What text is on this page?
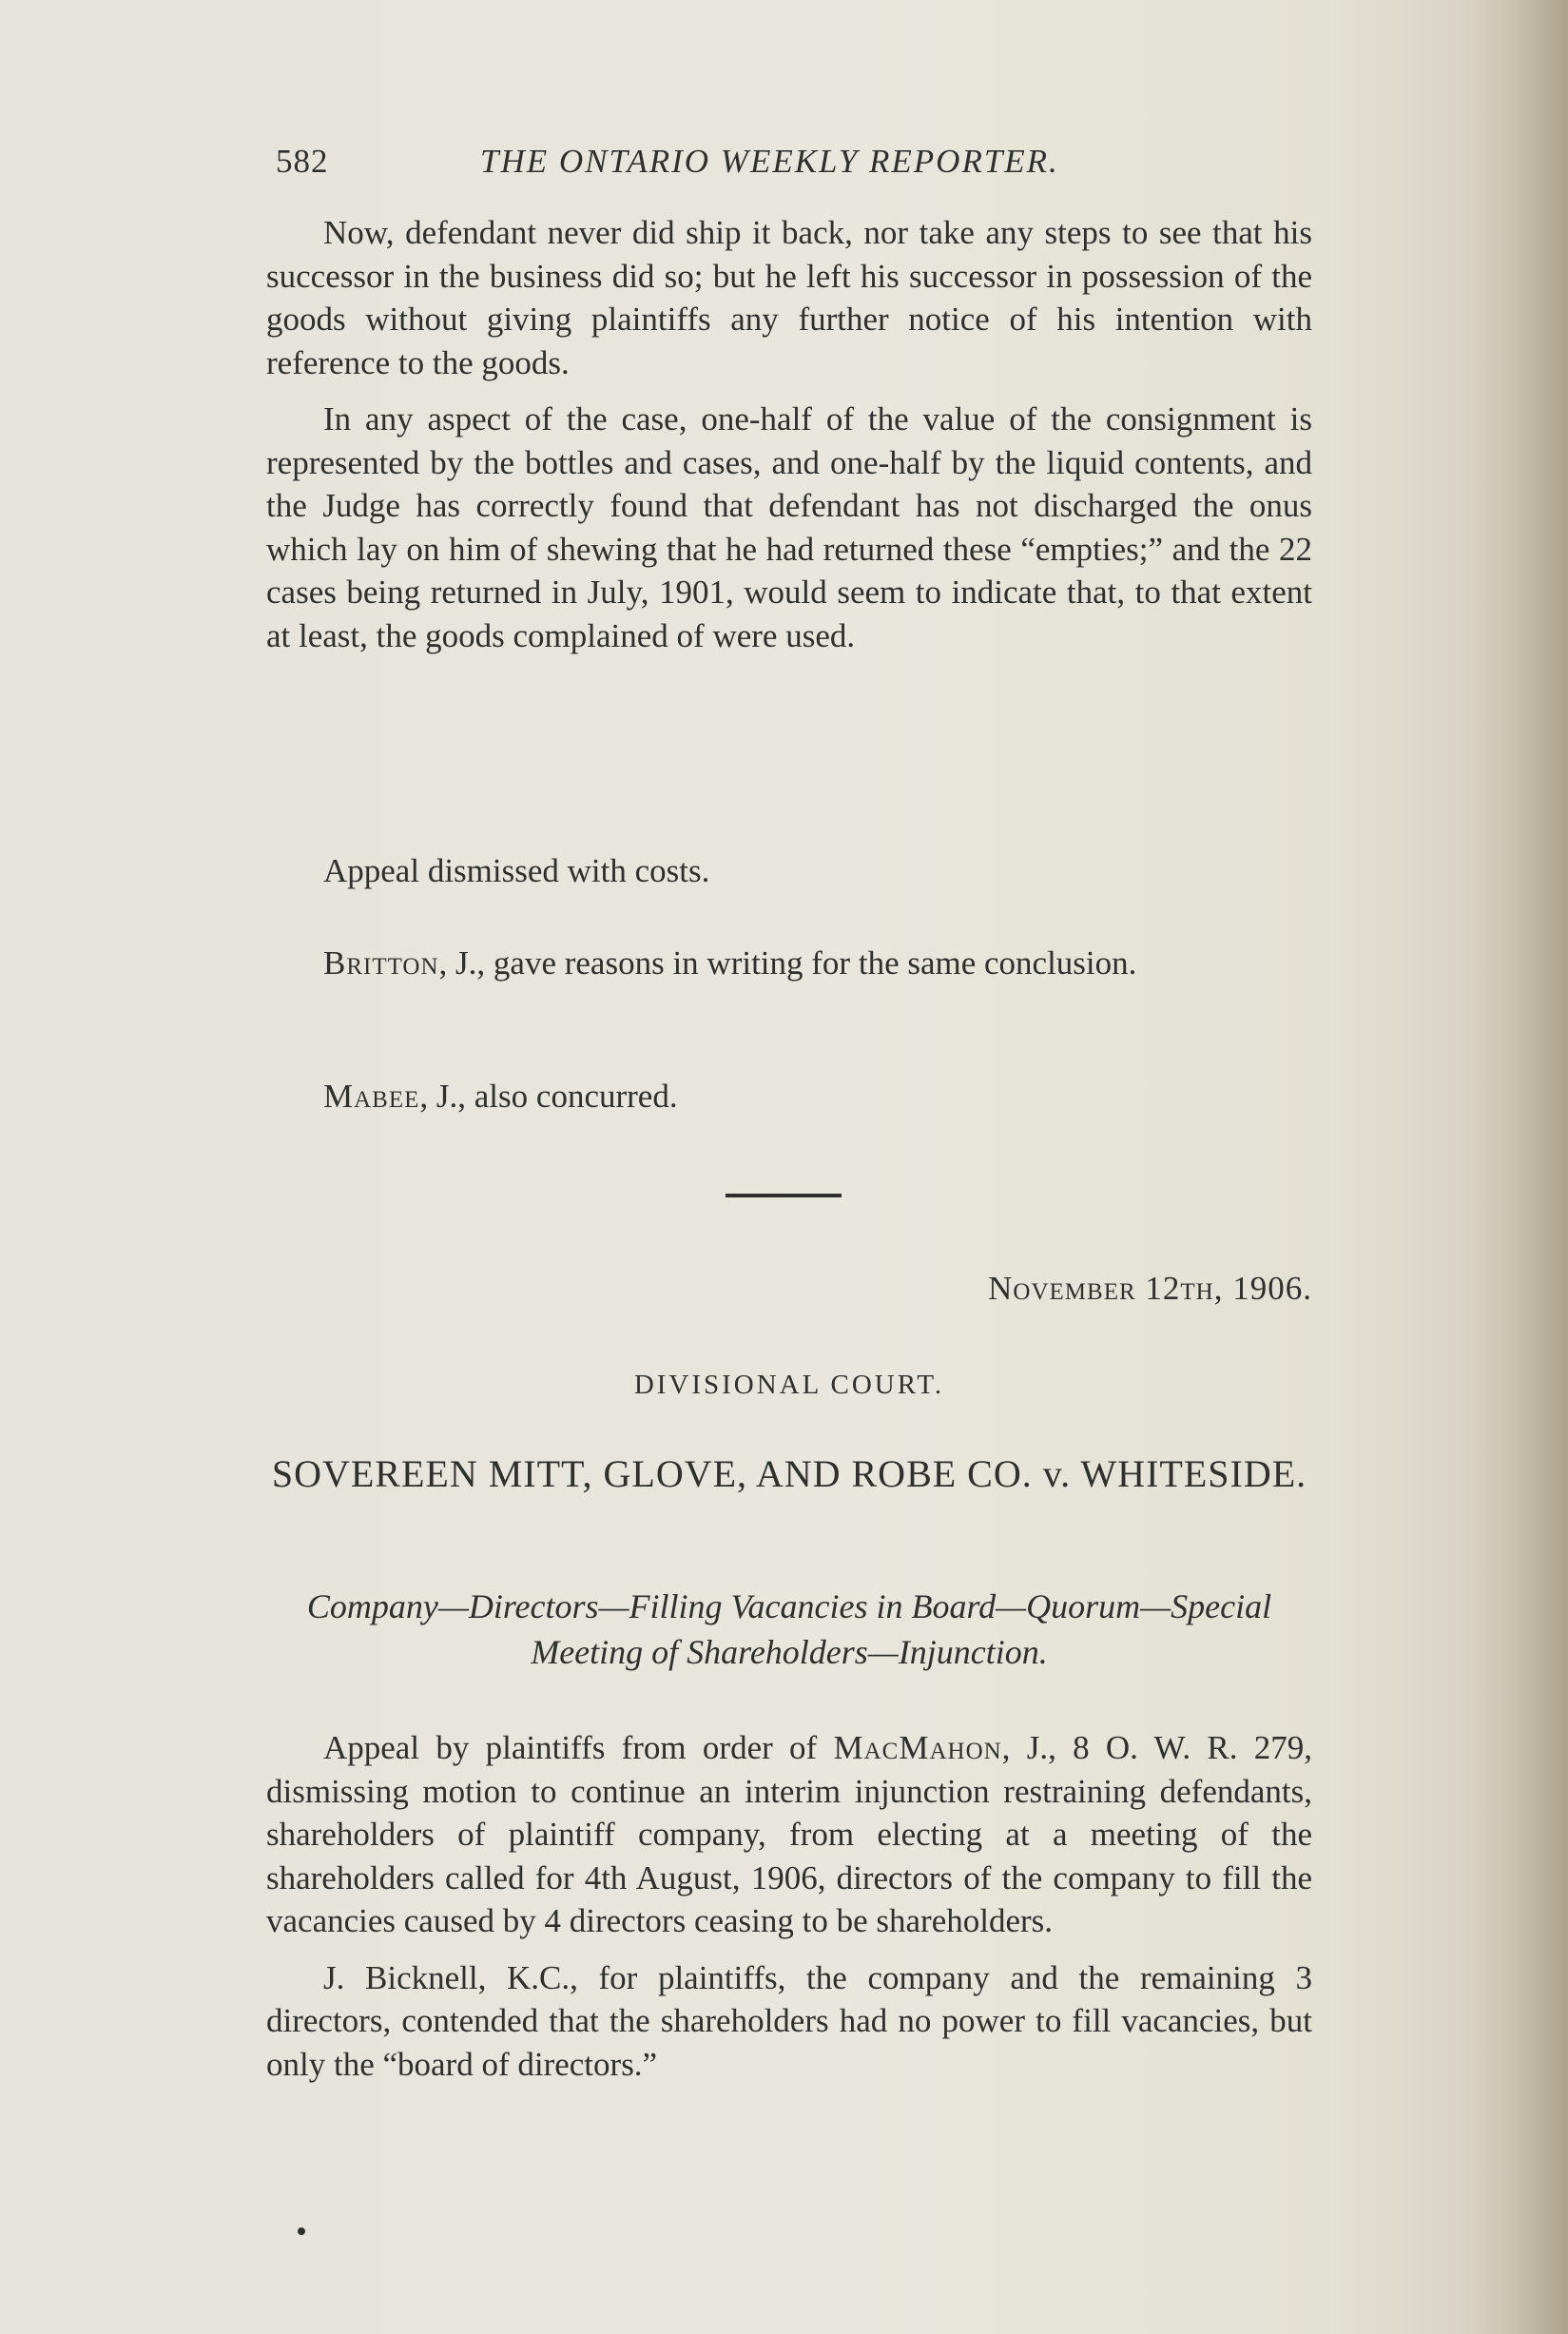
582	THE ONTARIO WEEKLY REPORTER.

Now, defendant never did ship it back, nor take any steps to see that his successor in the business did so; but he left his successor in possession of the goods without giving plaintiffs any further notice of his intention with reference to the goods.

In any aspect of the case, one-half of the value of the consignment is represented by the bottles and cases, and one-half by the liquid contents, and the Judge has correctly found that defendant has not discharged the onus which lay on him of shewing that he had returned these “empties;” and the 22 cases being returned in July, 1901, would seem to indicate that, to that extent at least, the goods complained of were used.

Appeal dismissed with costs.

Britton, J., gave reasons in writing for the same conclusion.

Mabee, J., also concurred.

November 12th, 1906.
DIVISIONAL COURT.
SOVEREEN MITT, GLOVE, AND ROBE CO. v. WHITESIDE.
Company—Directors—Filling Vacancies in Board—Quorum—Special Meeting of Shareholders—Injunction.

Appeal by plaintiffs from order of MacMahon, J., 8 O. W. R. 279, dismissing motion to continue an interim injunction restraining defendants, shareholders of plaintiff company, from electing at a meeting of the shareholders called for 4th August, 1906, directors of the company to fill the vacancies caused by 4 directors ceasing to be shareholders.

J. Bicknell, K.C., for plaintiffs, the company and the remaining 3 directors, contended that the shareholders had no power to fill vacancies, but only the “board of directors.”
